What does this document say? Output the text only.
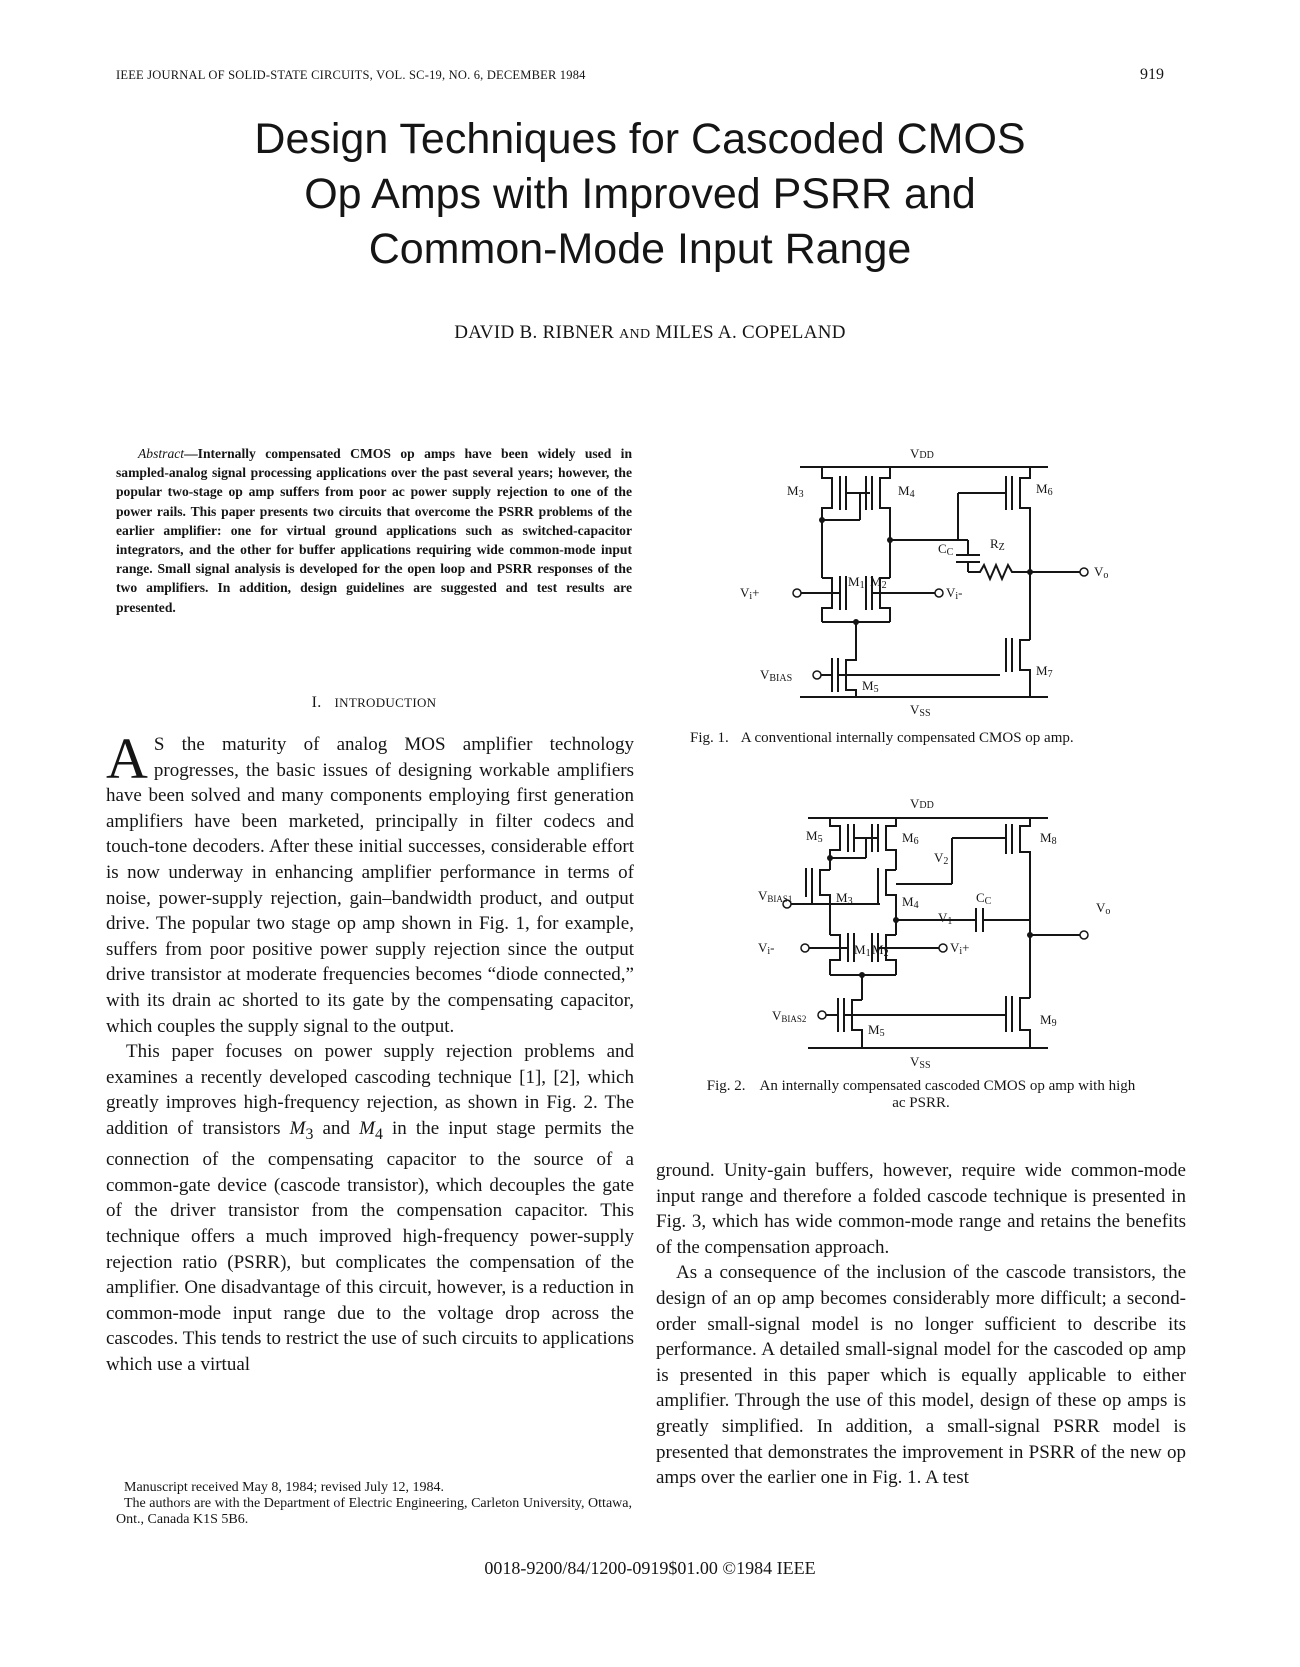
IEEE JOURNAL OF SOLID-STATE CIRCUITS, VOL. SC-19, NO. 6, DECEMBER 1984	919
Design Techniques for Cascoded CMOS
Op Amps with Improved PSRR and
Common-Mode Input Range
DAVID B. RIBNER AND MILES A. COPELAND
Abstract—Internally compensated CMOS op amps have been widely used in sampled-analog signal processing applications over the past several years; however, the popular two-stage op amp suffers from poor ac power supply rejection to one of the power rails. This paper presents two circuits that overcome the PSRR problems of the earlier amplifier: one for virtual ground applications such as switched-capacitor integrators, and the other for buffer applications requiring wide common-mode input range. Small signal analysis is developed for the open loop and PSRR responses of the two amplifiers. In addition, design guidelines are suggested and test results are presented.
I. INTRODUCTION

A S the maturity of analog MOS amplifier technology progresses, the basic issues of designing workable amplifiers have been solved and many components employing first generation amplifiers have been marketed, principally in filter codecs and touch-tone decoders. After these initial successes, considerable effort is now underway in enhancing amplifier performance in terms of noise, power-supply rejection, gain–bandwidth product, and output drive. The popular two stage op amp shown in Fig. 1, for example, suffers from poor positive power supply rejection since the output drive transistor at moderate frequencies becomes “diode connected,” with its drain ac shorted to its gate by the compensating capacitor, which couples the supply signal to the output.

This paper focuses on power supply rejection problems and examines a recently developed cascoding technique [1], [2], which greatly improves high-frequency rejection, as shown in Fig. 2. The addition of transistors $M_3$ and $M_4$ in the input stage permits the connection of the compensating capacitor to the source of a common-gate device (cascode transistor), which decouples the gate of the driver transistor from the compensation capacitor. This technique offers a much improved high-frequency power-supply rejection ratio (PSRR), but complicates the compensation of the amplifier. One disadvantage of this circuit, however, is a reduction in common-mode input range due to the voltage drop across the cascodes. This tends to restrict the use of such circuits to applications which use a virtual

ground. Unity-gain buffers, however, require wide common-mode input range and therefore a folded cascode technique is presented in Fig. 3, which has wide common-mode range and retains the benefits of the compensation approach.

As a consequence of the inclusion of the cascode transistors, the design of an op amp becomes considerably more difficult; a second-order small-signal model is no longer sufficient to describe its performance. A detailed small-signal model for the cascoded op amp is presented in this paper which is equally applicable to either amplifier. Through the use of this model, design of these op amps is greatly simplified. In addition, a small-signal PSRR model is presented that demonstrates the improvement in PSRR of the new op amps over the earlier one in Fig. 1. A test

Manuscript received May 8, 1984; revised July 12, 1984.

The authors are with the Department of Electric Engineering, Carleton University, Ottawa, Ont., Canada K1S 5B6.

0018-9200/84/1200-0919$01.00 ©1984 IEEE
VDD
VSS
VBIAS
Vi+	Vi-
Vo
CC
RZ
M3	M4
M1 M2
M5
M6
M7
Fig. 1. A conventional internally compensated CMOS op amp.
VDD
VSS
VBIAS1
VBIAS2
Vi-	Vi+
Vo
V1
V2
CC
M5	M6
M3	M4
M1 M2
M5
M8
M9
Fig. 2. An internally compensated cascoded CMOS op amp with high
ac PSRR.
